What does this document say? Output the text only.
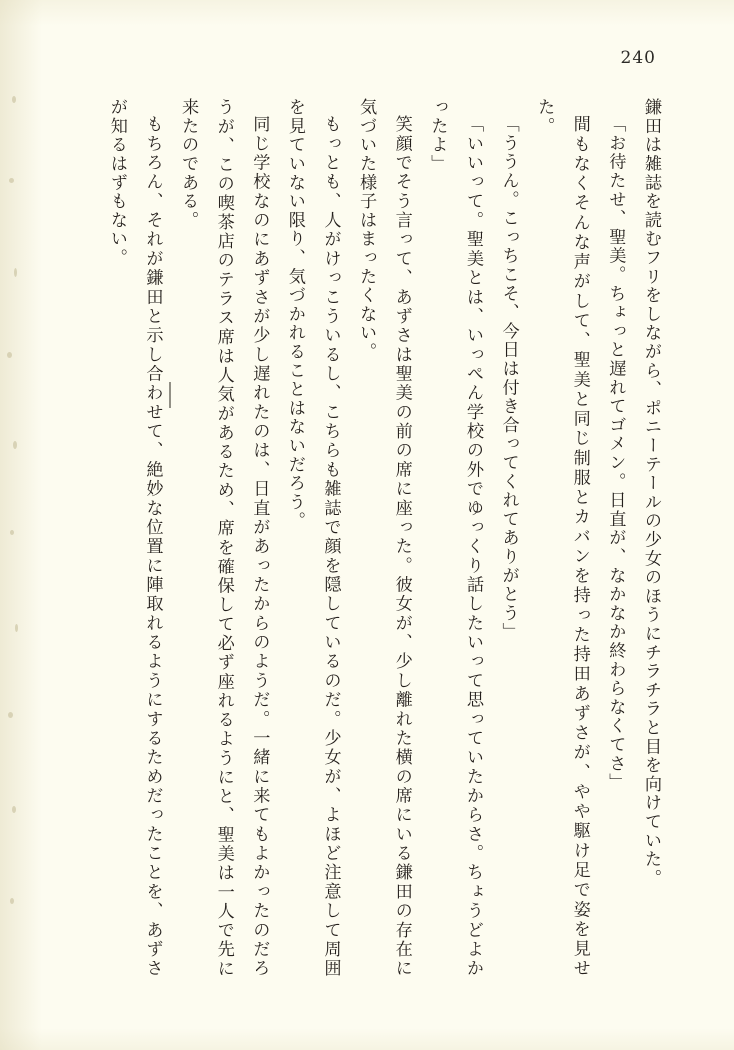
240

鎌田は雑誌を読むフリをしながら、ポニーテールの少女のほうにチラチラと目を向けていた。

「お待たせ、聖美。ちょっと遅れてゴメン。日直が、なかなか終わらなくてさ」

間もなくそんな声がして、聖美と同じ制服とカバンを持った持田あずさが、やや駆け足で姿を見せた。

「ううん。こっちこそ、今日は付き合ってくれてありがとう」

「いいって。聖美とは、いっぺん学校の外でゆっくり話したいって思っていたからさ。ちょうどよかったよ」

笑顔でそう言って、あずさは聖美の前の席に座った。彼女が、少し離れた横の席にいる鎌田の存在に気づいた様子はまったくない。

もっとも、人がけっこういるし、こちらも雑誌で顔を隠しているのだ。少女が、よほど注意して周囲を見ていない限り、気づかれることはないだろう。

同じ学校なのにあずさが少し遅れたのは、日直があったからのようだ。一緒に来てもよかったのだろうが、この喫茶店のテラス席は人気があるため、席を確保して必ず座れるようにと、聖美は一人で先に来たのである。

もちろん、それが鎌田と示し合わせて、絶妙な位置に陣取れるようにするためだったことを、あずさが知るはずもない。
